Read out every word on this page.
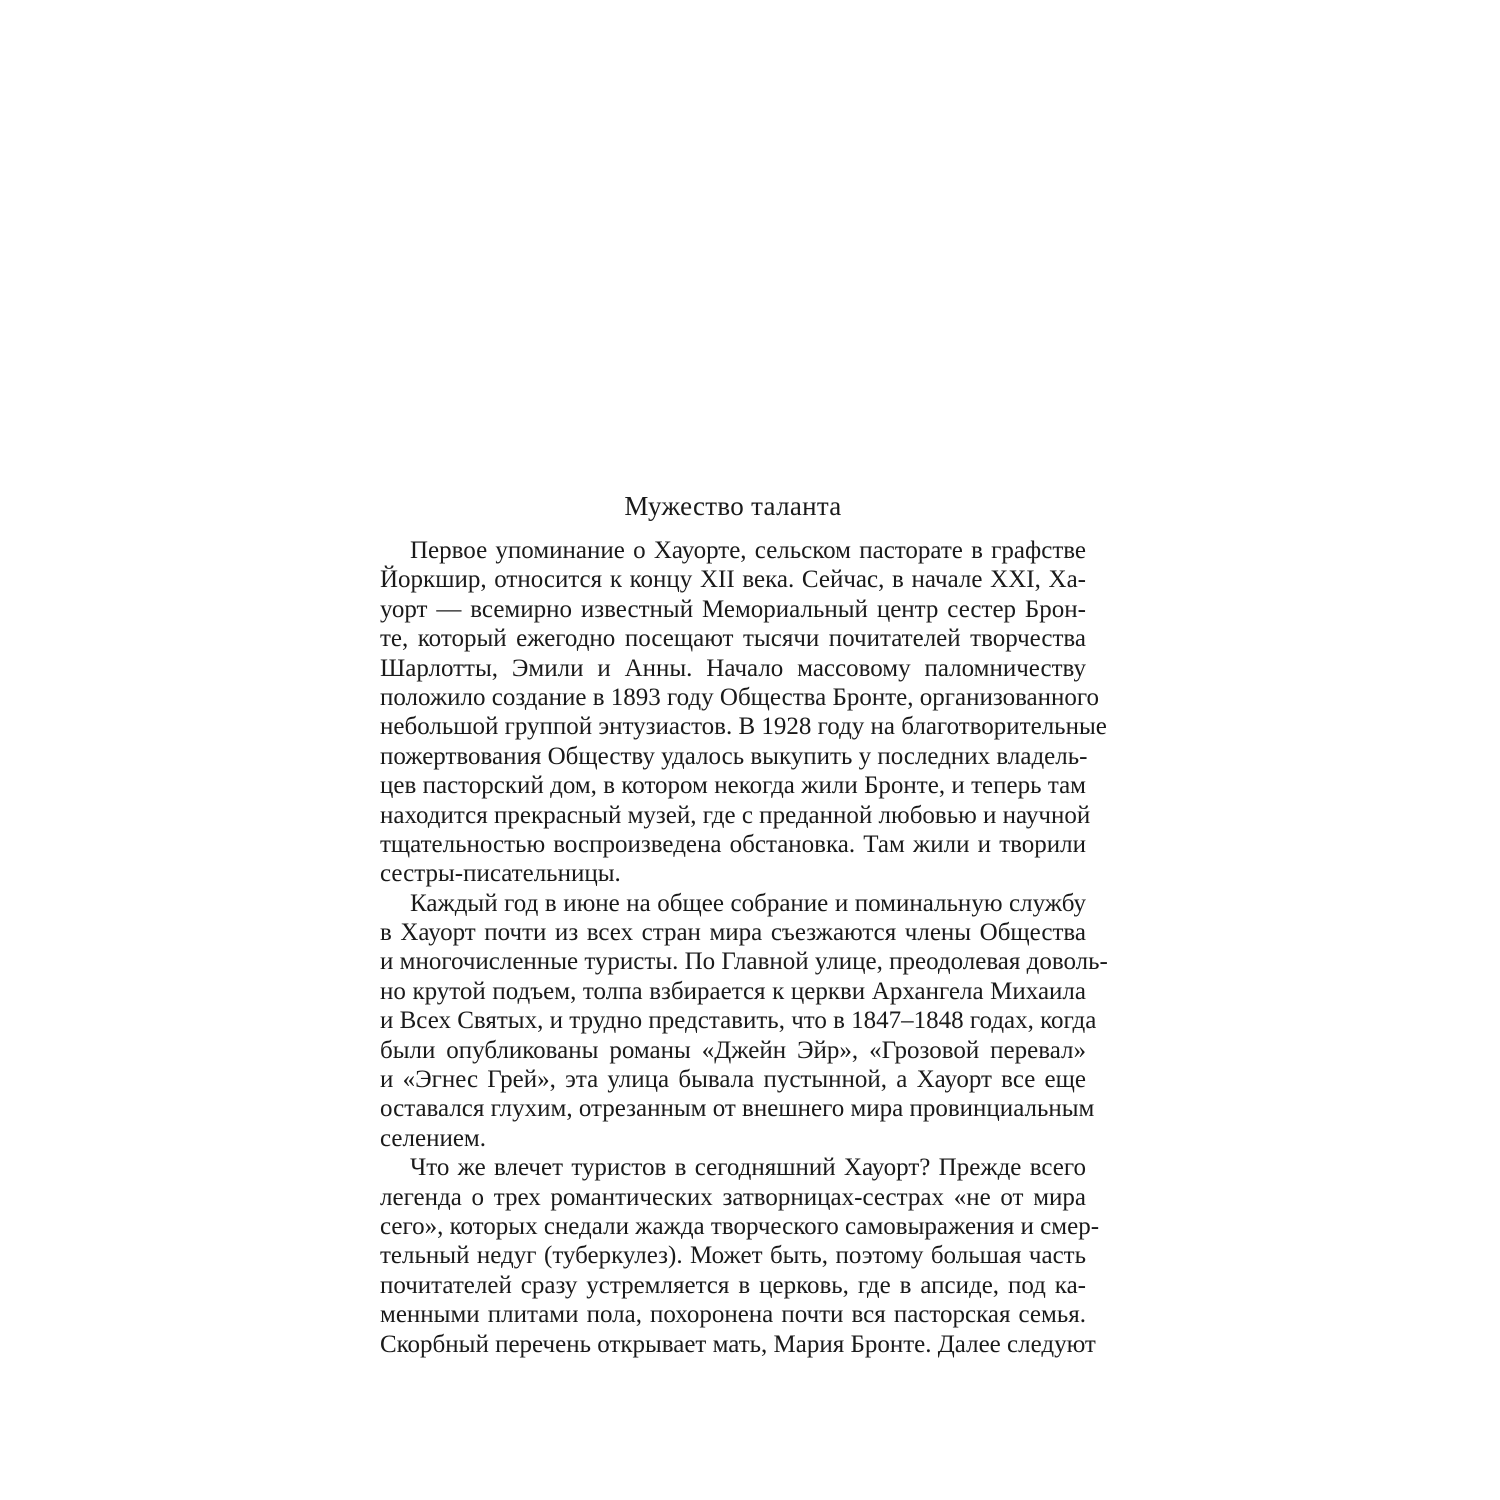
Мужество таланта
Первое упоминание о Хауорте, сельском пасторате в графстве
Йоркшир, относится к концу XII века. Сейчас, в начале XXI, Ха-
уорт — всемирно известный Мемориальный центр сестер Брон-
те, который ежегодно посещают тысячи почитателей творчества
Шарлотты, Эмили и Анны. Начало массовому паломничеству
положило создание в 1893 году Общества Бронте, организованного
небольшой группой энтузиастов. В 1928 году на благотворительные
пожертвования Обществу удалось выкупить у последних владель-
цев пасторский дом, в котором некогда жили Бронте, и теперь там
находится прекрасный музей, где с преданной любовью и научной
тщательностью воспроизведена обстановка. Там жили и творили
сестры-писательницы.
Каждый год в июне на общее собрание и поминальную службу
в Хауорт почти из всех стран мира съезжаются члены Общества
и многочисленные туристы. По Главной улице, преодолевая доволь-
но крутой подъем, толпа взбирается к церкви Архангела Михаила
и Всех Святых, и трудно представить, что в 1847–1848 годах, когда
были опубликованы романы «Джейн Эйр», «Грозовой перевал»
и «Эгнес Грей», эта улица бывала пустынной, а Хауорт все еще
оставался глухим, отрезанным от внешнего мира провинциальным
селением.
Что же влечет туристов в сегодняшний Хауорт? Прежде всего
легенда о трех романтических затворницах-сестрах «не от мира
сего», которых снедали жажда творческого самовыражения и смер-
тельный недуг (туберкулез). Может быть, поэтому большая часть
почитателей сразу устремляется в церковь, где в апсиде, под ка-
менными плитами пола, похоронена почти вся пасторская семья.
Скорбный перечень открывает мать, Мария Бронте. Далее следуют
